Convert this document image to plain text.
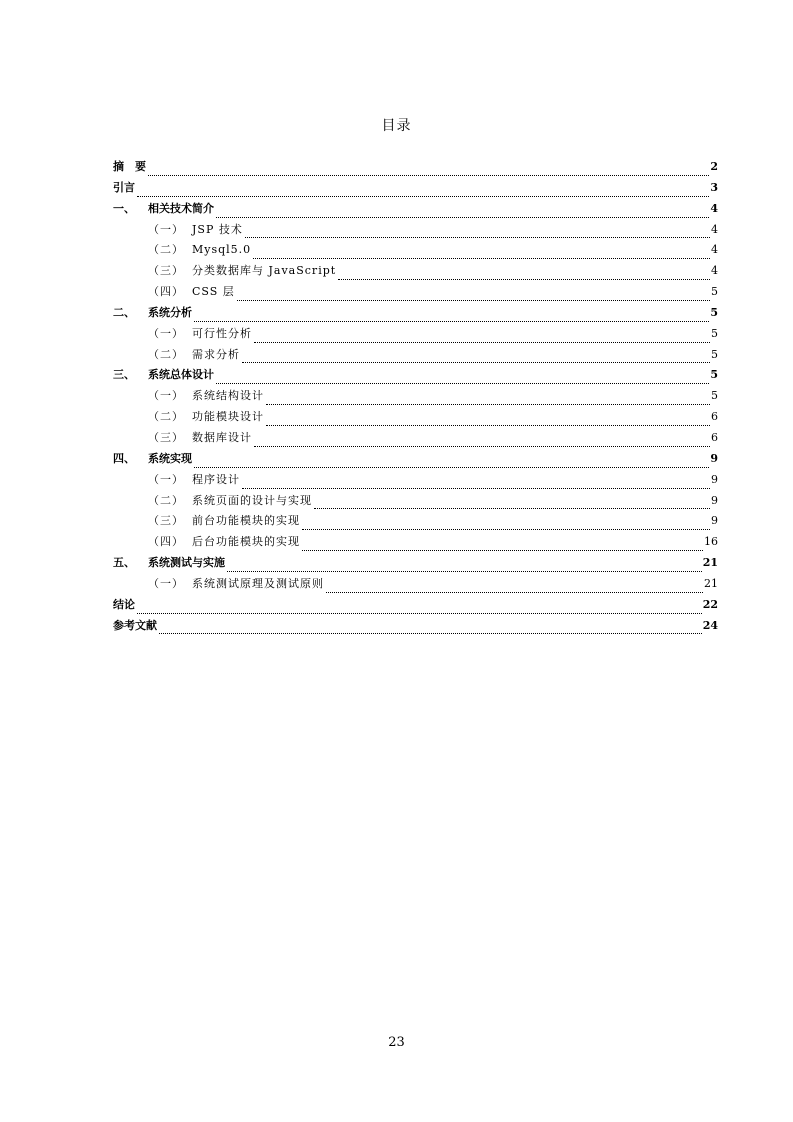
目录
摘　要	2
引言	3
一、	相关技术简介	4
（一） JSP 技术	4
（二） Mysql5.0	4
（三） 分类数据库与 JavaScript	4
（四） CSS 层	5
二、	系统分析	5
（一） 可行性分析	5
（二） 需求分析	5
三、	系统总体设计	5
（一） 系统结构设计	5
（二） 功能模块设计	6
（三） 数据库设计	6
四、	系统实现	9
（一） 程序设计	9
（二） 系统页面的设计与实现	9
（三） 前台功能模块的实现	9
（四） 后台功能模块的实现	16
五、	系统测试与实施	21
（一） 系统测试原理及测试原则	21
结论	22
参考文献	24
23
